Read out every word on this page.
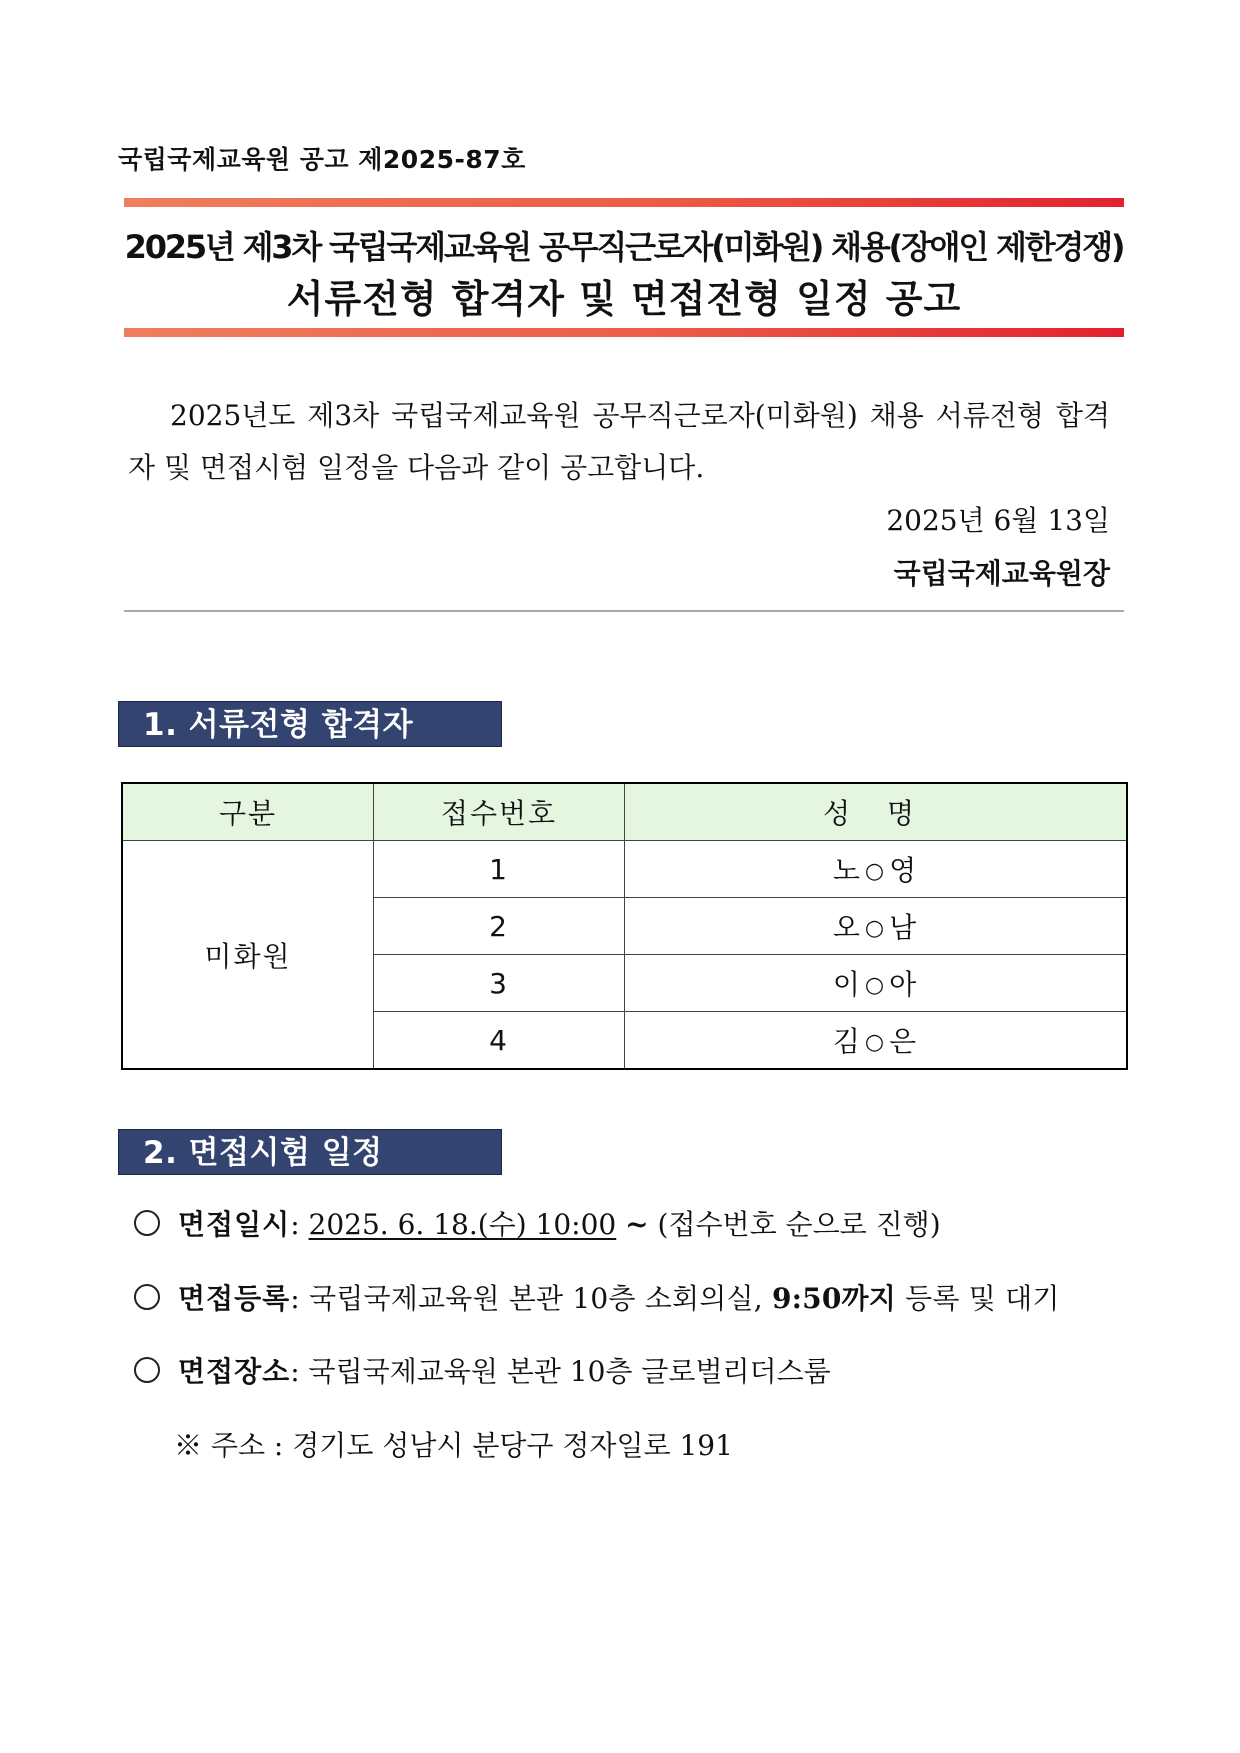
국립국제교육원 공고 제2025-87호
2025년 제3차 국립국제교육원 공무직근로자(미화원) 채용(장애인 제한경쟁)
서류전형 합격자 및 면접전형 일정 공고
2025년도 제3차 국립국제교육원 공무직근로자(미화원) 채용 서류전형 합격자 및 면접시험 일정을 다음과 같이 공고합니다.
2025년 6월 13일
국립국제교육원장
1. 서류전형 합격자
구분	접수번호	성 명
미화원	1	노 ○ 영
	2	오 ○ 남
	3	이 ○ 아
	4	김 ○ 은
2. 면접시험 일정
면접일시: 2025. 6. 18.(수) 10:00 ~ (접수번호 순으로 진행)
면접등록: 국립국제교육원 본관 10층 소회의실, 9:50까지 등록 및 대기
면접장소: 국립국제교육원 본관 10층 글로벌리더스룸
※ 주소 : 경기도 성남시 분당구 정자일로 191
